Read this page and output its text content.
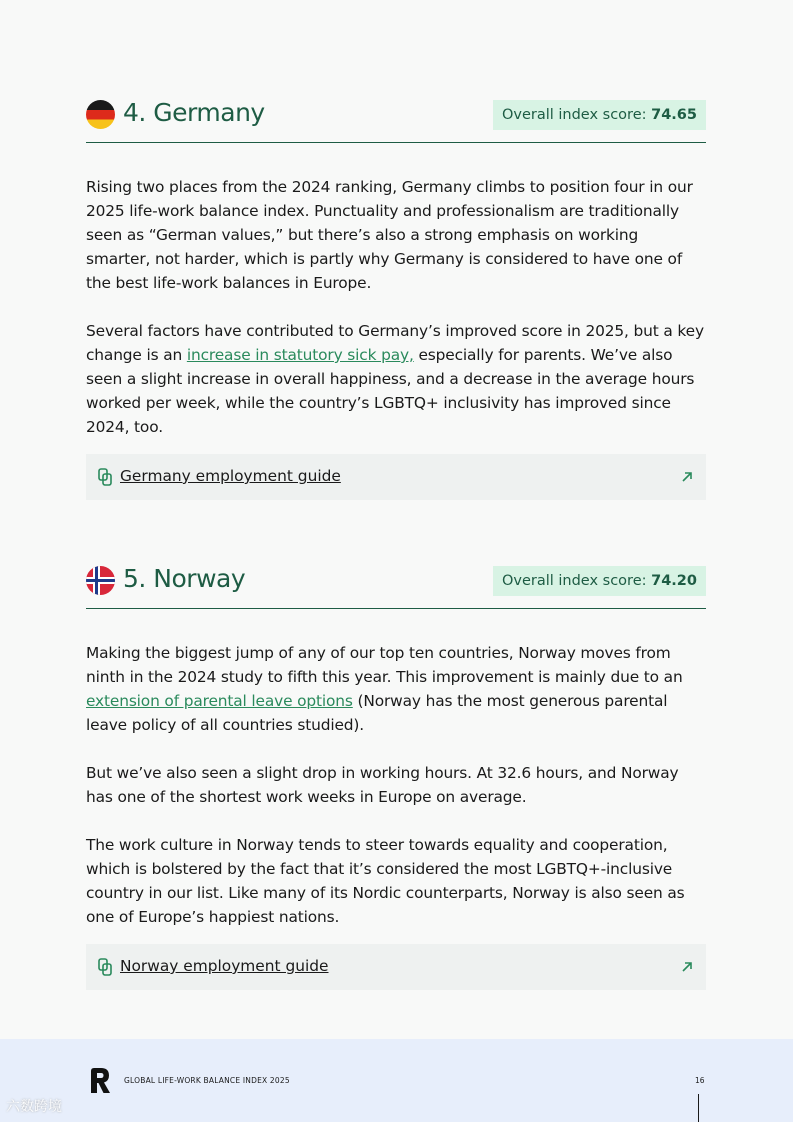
4. Germany	Overall index score: 74.65

Rising two places from the 2024 ranking, Germany climbs to position four in our 2025 life-work balance index. Punctuality and professionalism are traditionally seen as “German values,” but there’s also a strong emphasis on working smarter, not harder, which is partly why Germany is considered to have one of the best life-work balances in Europe.

Several factors have contributed to Germany’s improved score in 2025, but a key change is an increase in statutory sick pay, especially for parents. We’ve also seen a slight increase in overall happiness, and a decrease in the average hours worked per week, while the country’s LGBTQ+ inclusivity has improved since 2024, too.

Germany employment guide
5. Norway	Overall index score: 74.20

Making the biggest jump of any of our top ten countries, Norway moves from ninth in the 2024 study to fifth this year. This improvement is mainly due to an extension of parental leave options (Norway has the most generous parental leave policy of all countries studied).

But we’ve also seen a slight drop in working hours. At 32.6 hours, and Norway has one of the shortest work weeks in Europe on average.

The work culture in Norway tends to steer towards equality and cooperation, which is bolstered by the fact that it’s considered the most LGBTQ+-inclusive country in our list. Like many of its Nordic counterparts, Norway is also seen as one of Europe’s happiest nations.

Norway employment guide
GLOBAL LIFE-WORK BALANCE INDEX 2025	16
六数跨境
